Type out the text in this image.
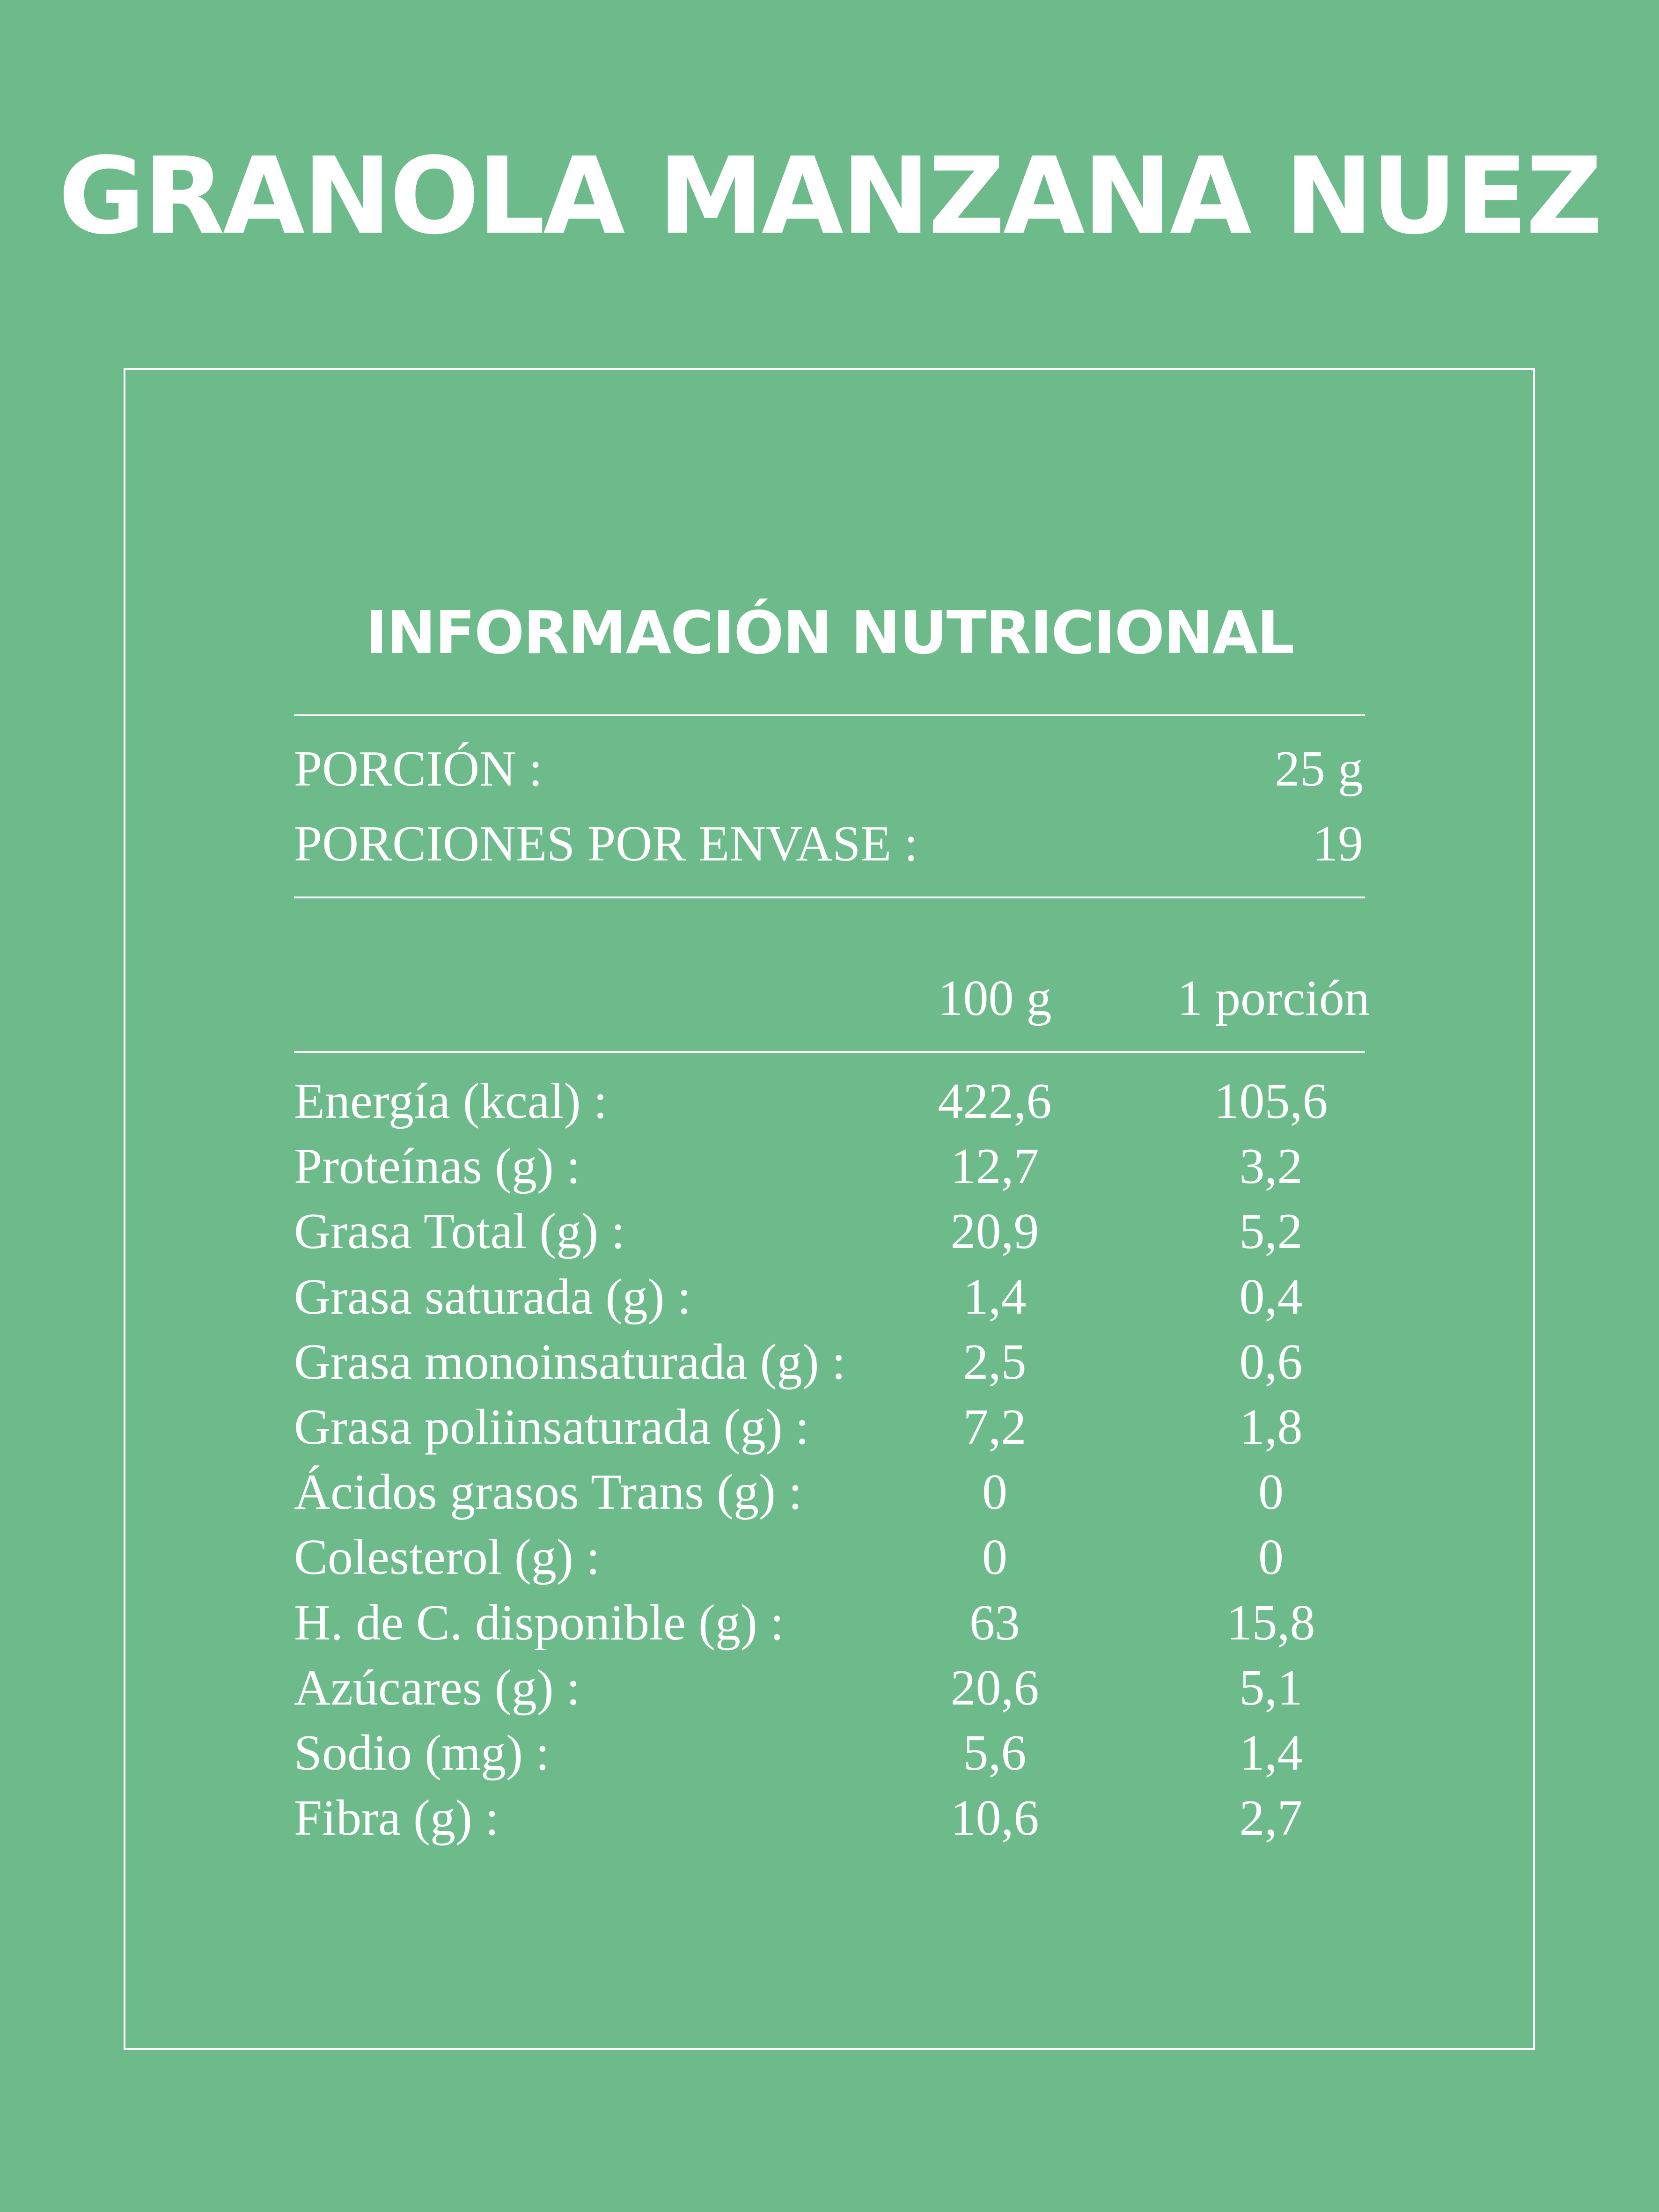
GRANOLA MANZANA NUEZ
INFORMACIÓN NUTRICIONAL
PORCIÓN :	25 g
PORCIONES POR ENVASE :	19
100 g	1 porción
Energía (kcal) :	422,6	105,6
Proteínas (g) :	12,7	3,2
Grasa Total (g) :	20,9	5,2
Grasa saturada (g) :	1,4	0,4
Grasa monoinsaturada (g) :	2,5	0,6
Grasa poliinsaturada (g) :	7,2	1,8
Ácidos grasos Trans (g) :	0	0
Colesterol (g) :	0	0
H. de C. disponible (g) :	63	15,8
Azúcares (g) :	20,6	5,1
Sodio (mg) :	5,6	1,4
Fibra (g) :	10,6	2,7
